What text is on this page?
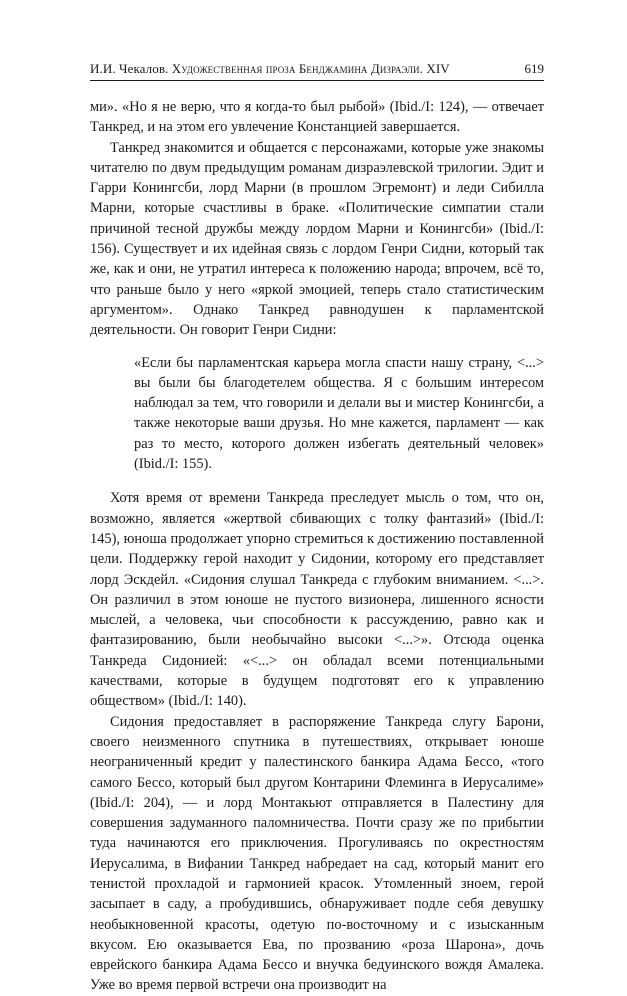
И.И. Чекалов. Художественная проза Бенджамина Дизраэли. XIV	619

ми». «Но я не верю, что я когда-то был рыбой» (Ibid./I: 124), — отвечает Танкред, и на этом его увлечение Констанцией завершается.

Танкред знакомится и общается с персонажами, которые уже знакомы читателю по двум предыдущим романам дизраэлевской трилогии. Эдит и Гарри Конингсби, лорд Марни (в прошлом Эгремонт) и леди Сибилла Марни, которые счастливы в браке. «Политические симпатии стали причиной тесной дружбы между лордом Марни и Конингсби» (Ibid./I: 156). Существует и их идейная связь с лордом Генри Сидни, который так же, как и они, не утратил интереса к положению народа; впрочем, всё то, что раньше было у него «яркой эмоцией, теперь стало статистическим аргументом». Однако Танкред равнодушен к парламентской деятельности. Он говорит Генри Сидни:

«Если бы парламентская карьера могла спасти нашу страну, <...> вы были бы благодетелем общества. Я с большим интересом наблюдал за тем, что говорили и делали вы и мистер Конингсби, а также некоторые ваши друзья. Но мне кажется, парламент — как раз то место, которого должен избегать деятельный человек» (Ibid./I: 155).

Хотя время от времени Танкреда преследует мысль о том, что он, возможно, является «жертвой сбивающих с толку фантазий» (Ibid./I: 145), юноша продолжает упорно стремиться к достижению поставленной цели. Поддержку герой находит у Сидонии, которому его представляет лорд Эскдейл. «Сидония слушал Танкреда с глубоким вниманием. <...>. Он различил в этом юноше не пустого визионера, лишенного ясности мыслей, а человека, чьи способности к рассуждению, равно как и фантазированию, были необычайно высоки <...>». Отсюда оценка Танкреда Сидонией: «<...> он обладал всеми потенциальными качествами, которые в будущем подготовят его к управлению обществом» (Ibid./I: 140).

Сидония предоставляет в распоряжение Танкреда слугу Барони, своего неизменного спутника в путешествиях, открывает юноше неограниченный кредит у палестинского банкира Адама Бессо, «того самого Бессо, который был другом Контарини Флеминга в Иерусалиме» (Ibid./I: 204), — и лорд Монтакьют отправляется в Палестину для совершения задуманного паломничества. Почти сразу же по прибытии туда начинаются его приключения. Прогуливаясь по окрестностям Иерусалима, в Вифании Танкред набредает на сад, который манит его тенистой прохладой и гармонией красок. Утомленный зноем, герой засыпает в саду, а пробудившись, обнаруживает подле себя девушку необыкновенной красоты, одетую по-восточному и с изысканным вкусом. Ею оказывается Ева, по прозванию «роза Шарона», дочь еврейского банкира Адама Бессо и внучка бедуинского вождя Амалека. Уже во время первой встречи она производит на
